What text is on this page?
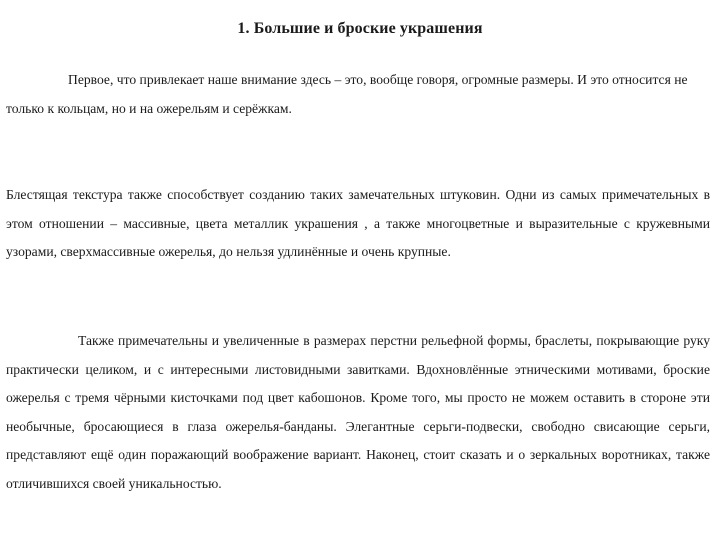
1. Большие и броские украшения

Первое, что привлекает наше внимание здесь – это, вообще говоря, огромные размеры. И это относится не только к кольцам, но и на ожерельям и серёжкам.

Блестящая текстура также способствует созданию таких замечательных штуковин. Одни из самых примечательных в этом отношении – массивные, цвета металлик украшения , а также многоцветные и выразительные с кружевными узорами, сверхмассивные ожерелья, до нельзя удлинённые и очень крупные.

Также примечательны и увеличенные в размерах перстни рельефной формы, браслеты, покрывающие руку практически целиком, и с интересными листовидными завитками. Вдохновлённые этническими мотивами, броские ожерелья с тремя чёрными кисточками под цвет кабошонов. Кроме того, мы просто не можем оставить в стороне эти необычные, бросающиеся в глаза ожерелья-банданы. Элегантные серьги-подвески, свободно свисающие серьги, представляют ещё один поражающий воображение вариант. Наконец, стоит сказать и о зеркальных воротниках, также отличившихся своей уникальностью.
